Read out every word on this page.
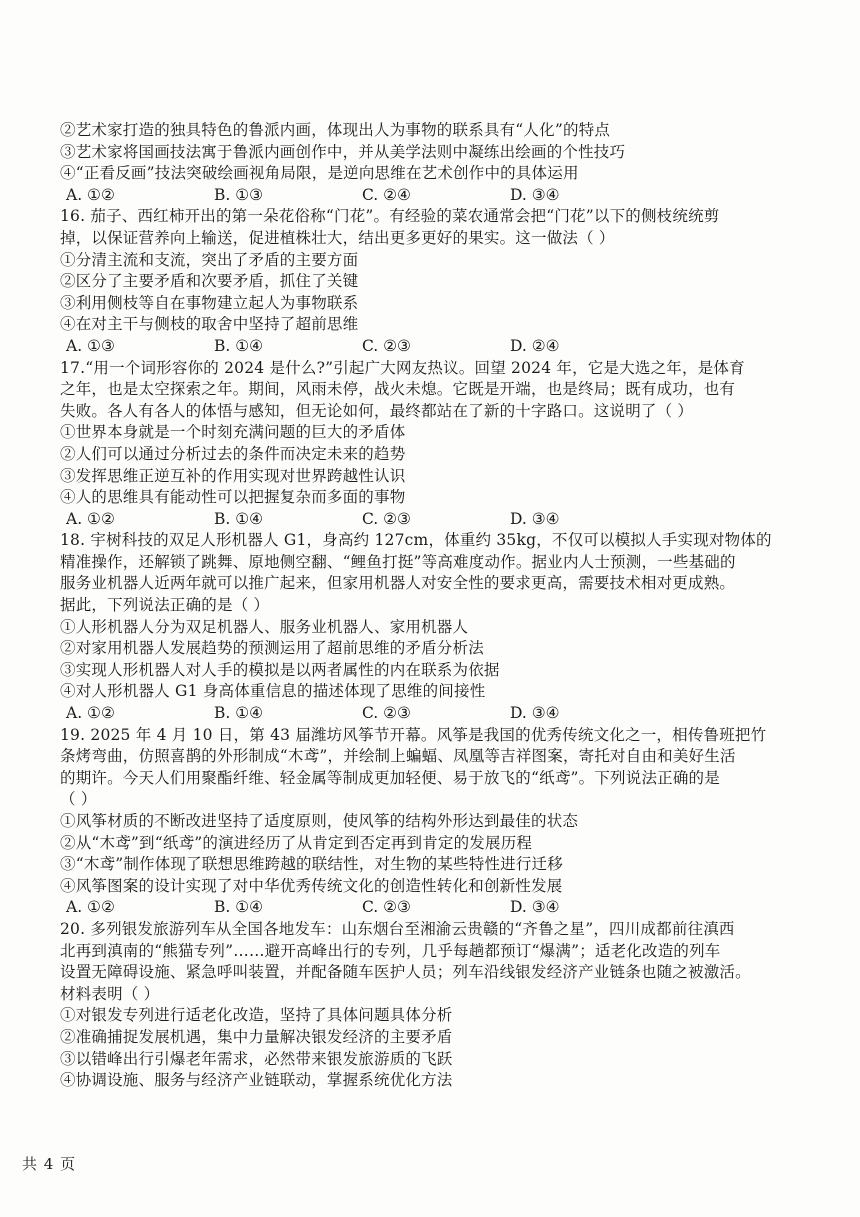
②艺术家打造的独具特色的鲁派内画，体现出人为事物的联系具有“人化”的特点
③艺术家将国画技法寓于鲁派内画创作中，并从美学法则中凝练出绘画的个性技巧
④“正看反画”技法突破绘画视角局限，是逆向思维在艺术创作中的具体运用
A. ①②	B. ①③	C. ②④	D. ③④
16. 茄子、西红柿开出的第一朵花俗称“门花”。有经验的菜农通常会把“门花”以下的侧枝统统剪
掉，以保证营养向上输送，促进植株壮大，结出更多更好的果实。这一做法（ ）
①分清主流和支流，突出了矛盾的主要方面
②区分了主要矛盾和次要矛盾，抓住了关键
③利用侧枝等自在事物建立起人为事物联系
④在对主干与侧枝的取舍中坚持了超前思维
A. ①③	B. ①④	C. ②③	D. ②④
17.“用一个词形容你的 2024 是什么?”引起广大网友热议。回望 2024 年，它是大选之年，是体育
之年，也是太空探索之年。期间，风雨未停，战火未熄。它既是开端，也是终局；既有成功，也有
失败。各人有各人的体悟与感知，但无论如何，最终都站在了新的十字路口。这说明了（ ）
①世界本身就是一个时刻充满问题的巨大的矛盾体
②人们可以通过分析过去的条件而决定未来的趋势
③发挥思维正逆互补的作用实现对世界跨越性认识
④人的思维具有能动性可以把握复杂而多面的事物
A. ①②	B. ①④	C. ②③	D. ③④
18. 宇树科技的双足人形机器人 G1，身高约 127cm，体重约 35kg，不仅可以模拟人手实现对物体的
精准操作，还解锁了跳舞、原地侧空翻、“鲤鱼打挺”等高难度动作。据业内人士预测，一些基础的
服务业机器人近两年就可以推广起来，但家用机器人对安全性的要求更高，需要技术相对更成熟。
据此，下列说法正确的是（ ）
①人形机器人分为双足机器人、服务业机器人、家用机器人
②对家用机器人发展趋势的预测运用了超前思维的矛盾分析法
③实现人形机器人对人手的模拟是以两者属性的内在联系为依据
④对人形机器人 G1 身高体重信息的描述体现了思维的间接性
A. ①②	B. ①④	C. ②③	D. ③④
19. 2025 年 4 月 10 日，第 43 届潍坊风筝节开幕。风筝是我国的优秀传统文化之一，相传鲁班把竹
条烤弯曲，仿照喜鹊的外形制成“木鸢”，并绘制上蝙蝠、凤凰等吉祥图案，寄托对自由和美好生活
的期许。今天人们用聚酯纤维、轻金属等制成更加轻便、易于放飞的“纸鸢”。下列说法正确的是
（ ）
①风筝材质的不断改进坚持了适度原则，使风筝的结构外形达到最佳的状态
②从“木鸢”到“纸鸢”的演进经历了从肯定到否定再到肯定的发展历程
③“木鸢”制作体现了联想思维跨越的联结性，对生物的某些特性进行迁移
④风筝图案的设计实现了对中华优秀传统文化的创造性转化和创新性发展
A. ①②	B. ①④	C. ②③	D. ③④
20. 多列银发旅游列车从全国各地发车：山东烟台至湘渝云贵赣的“齐鲁之星”，四川成都前往滇西
北再到滇南的“熊猫专列”……避开高峰出行的专列，几乎每趟都预订“爆满”；适老化改造的列车
设置无障碍设施、紧急呼叫装置，并配备随车医护人员；列车沿线银发经济产业链条也随之被激活。
材料表明（ ）
①对银发专列进行适老化改造，坚持了具体问题具体分析
②准确捕捉发展机遇，集中力量解决银发经济的主要矛盾
③以错峰出行引爆老年需求，必然带来银发旅游质的飞跃
④协调设施、服务与经济产业链联动，掌握系统优化方法
共 4 页
